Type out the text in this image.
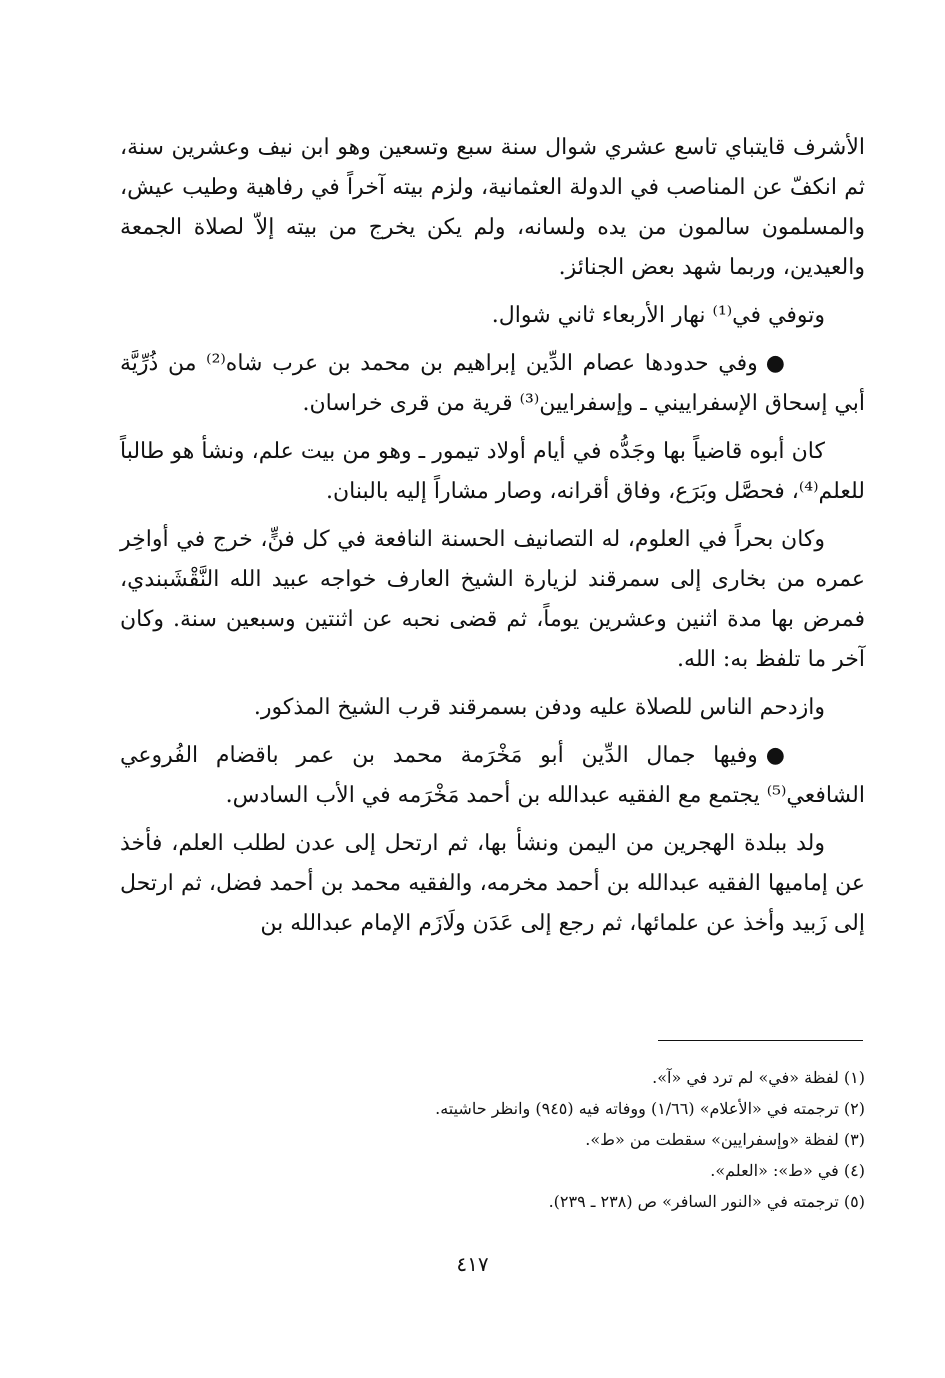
الأشرف قايتباي تاسع عشري شوال سنة سبع وتسعين وهو ابن نيف وعشرين سنة، ثم انكفّ عن المناصب في الدولة العثمانية، ولزم بيته آخراً في رفاهية وطيب عيش، والمسلمون سالمون من يده ولسانه، ولم يكن يخرج من بيته إلاّ لصلاة الجمعة والعيدين، وربما شهد بعض الجنائز.

وتوفي في⁽¹⁾ نهار الأربعاء ثاني شوال.

●وفي حدودها عصام الدِّين إبراهيم بن محمد بن عرب شاه⁽²⁾ من ذُرِّيَّة أبي إسحاق الإسفراييني ـ وإسفرايين⁽³⁾ قرية من قرى خراسان.

كان أبوه قاضياً بها وجَدُّه في أيام أولاد تيمور ـ وهو من بيت علم، ونشأ هو طالباً للعلم⁽⁴⁾، فحصَّل وبَرَع، وفاق أقرانه، وصار مشاراً إليه بالبنان.

وكان بحراً في العلوم، له التصانيف الحسنة النافعة في كل فنٍّ، خرج في أواخِر عمره من بخارى إلى سمرقند لزيارة الشيخ العارف خواجه عبيد الله النَّقْشَبندي، فمرض بها مدة اثنين وعشرين يوماً، ثم قضى نحبه عن اثنتين وسبعين سنة. وكان آخر ما تلفظ به: الله.

وازدحم الناس للصلاة عليه ودفن بسمرقند قرب الشيخ المذكور.

●وفيها جمال الدِّين أبو مَخْرَمة محمد بن عمر باقضام الفُروعي الشافعي⁽⁵⁾ يجتمع مع الفقيه عبدالله بن أحمد مَخْرَمه في الأب السادس.

ولد ببلدة الهجرين من اليمن ونشأ بها، ثم ارتحل إلى عدن لطلب العلم، فأخذ عن إماميها الفقيه عبدالله بن أحمد مخرمه، والفقيه محمد بن أحمد فضل، ثم ارتحل إلى زَبيد وأخذ عن علمائها، ثم رجع إلى عَدَن ولَازَم الإمام عبدالله بن

(١) لفظة «في» لم ترد في «آ».

(٢) ترجمته في «الأعلام» (١/٦٦) ووفاته فيه (٩٤٥) وانظر حاشيته.

(٣) لفظة «وإسفرايين» سقطت من «ط».

(٤) في «ط»: «العلم».

(٥) ترجمته في «النور السافر» ص (٢٣٨ ـ ٢٣٩).

٤١٧
